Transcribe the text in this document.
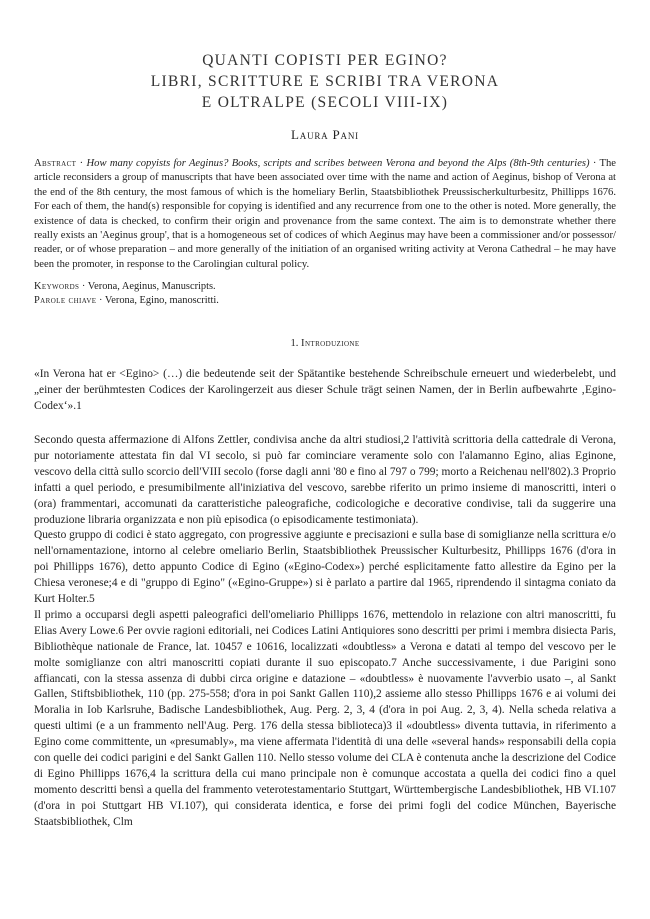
QUANTI COPISTI PER EGINO?
LIBRI, SCRITTURE E SCRIBI TRA VERONA
E OLTRALPE (SECOLI VIII-IX)
Laura Pani
Abstract · How many copyists for Aeginus? Books, scripts and scribes between Verona and beyond the Alps (8th-9th centuries) · The article reconsiders a group of manuscripts that have been associated over time with the name and action of Aeginus, bishop of Verona at the end of the 8th century, the most famous of which is the homeliary Berlin, Staatsbibliothek Preussischerkulturbesitz, Phillipps 1676. For each of them, the hand(s) responsible for copying is identified and any recurrence from one to the other is noted. More generally, the existence of data is checked, to confirm their origin and provenance from the same context. The aim is to demonstrate whether there really exists an 'Aeginus group', that is a homogeneous set of codices of which Aeginus may have been a commissioner and/or possessor/ reader, or of whose preparation – and more generally of the initiation of an organised writing activity at Verona Cathedral – he may have been the promoter, in response to the Carolingian cultural policy.
Keywords · Verona, Aeginus, Manuscripts.
Parole chiave · Verona, Egino, manoscritti.
1. Introduzione

«In Verona hat er <Egino> (…) die bedeutende seit der Spätantike bestehende Schreibschule erneuert und wiederbelebt, und „einer der berühmtesten Codices der Karolingerzeit aus dieser Schule trägt seinen Namen, der in Berlin aufbewahrte ‚Egino-Codex‘».1

Secondo questa affermazione di Alfons Zettler, condivisa anche da altri studiosi,2 l'attività scrittoria della cattedrale di Verona, pur notoriamente attestata fin dal VI secolo, si può far cominciare veramente solo con l'alamanno Egino, alias Eginone, vescovo della città sullo scorcio dell'VIII secolo (forse dagli anni '80 e fino al 797 o 799; morto a Reichenau nell'802).3 Proprio infatti a quel periodo, e presumibilmente all'iniziativa del vescovo, sarebbe riferito un primo insieme di manoscritti, interi o (ora) frammentari, accomunati da caratteristiche paleografiche, codicologiche e decorative condivise, tali da suggerire una produzione libraria organizzata e non più episodica (o episodicamente testimoniata).

Questo gruppo di codici è stato aggregato, con progressive aggiunte e precisazioni e sulla base di somiglianze nella scrittura e/o nell'ornamentazione, intorno al celebre omeliario Berlin, Staatsbibliothek Preussischer Kulturbesitz, Phillipps 1676 (d'ora in poi Phillipps 1676), detto appunto Codice di Egino («Egino-Codex») perché esplicitamente fatto allestire da Egino per la Chiesa veronese;4 e di "gruppo di Egino" («Egino-Gruppe») si è parlato a partire dal 1965, riprendendo il sintagma coniato da Kurt Holter.5

Il primo a occuparsi degli aspetti paleografici dell'omeliario Phillipps 1676, mettendolo in relazione con altri manoscritti, fu Elias Avery Lowe.6 Per ovvie ragioni editoriali, nei Codices Latini Antiquiores sono descritti per primi i membra disiecta Paris, Bibliothèque nationale de France, lat. 10457 e 10616, localizzati «doubtless» a Verona e datati al tempo del vescovo per le molte somiglianze con altri manoscritti copiati durante il suo episcopato.7 Anche successivamente, i due Parigini sono affiancati, con la stessa assenza di dubbi circa origine e datazione – «doubtless» è nuovamente l'avverbio usato –, al Sankt Gallen, Stiftsbibliothek, 110 (pp. 275-558; d'ora in poi Sankt Gallen 110),2 assieme allo stesso Phillipps 1676 e ai volumi dei Moralia in Iob Karlsruhe, Badische Landesbibliothek, Aug. Perg. 2, 3, 4 (d'ora in poi Aug. 2, 3, 4). Nella scheda relativa a questi ultimi (e a un frammento nell'Aug. Perg. 176 della stessa biblioteca)3 il «doubtless» diventa tuttavia, in riferimento a Egino come committente, un «presumably», ma viene affermata l'identità di una delle «several hands» responsabili della copia con quelle dei codici parigini e del Sankt Gallen 110. Nello stesso volume dei CLA è contenuta anche la descrizione del Codice di Egino Phillipps 1676,4 la scrittura della cui mano principale non è comunque accostata a quella dei codici fino a quel momento descritti bensì a quella del frammento veterotestamentario Stuttgart, Württembergische Landesbibliothek, HB VI.107 (d'ora in poi Stuttgart HB VI.107), qui considerata identica, e forse dei primi fogli del codice München, Bayerische Staatsbibliothek, Clm
